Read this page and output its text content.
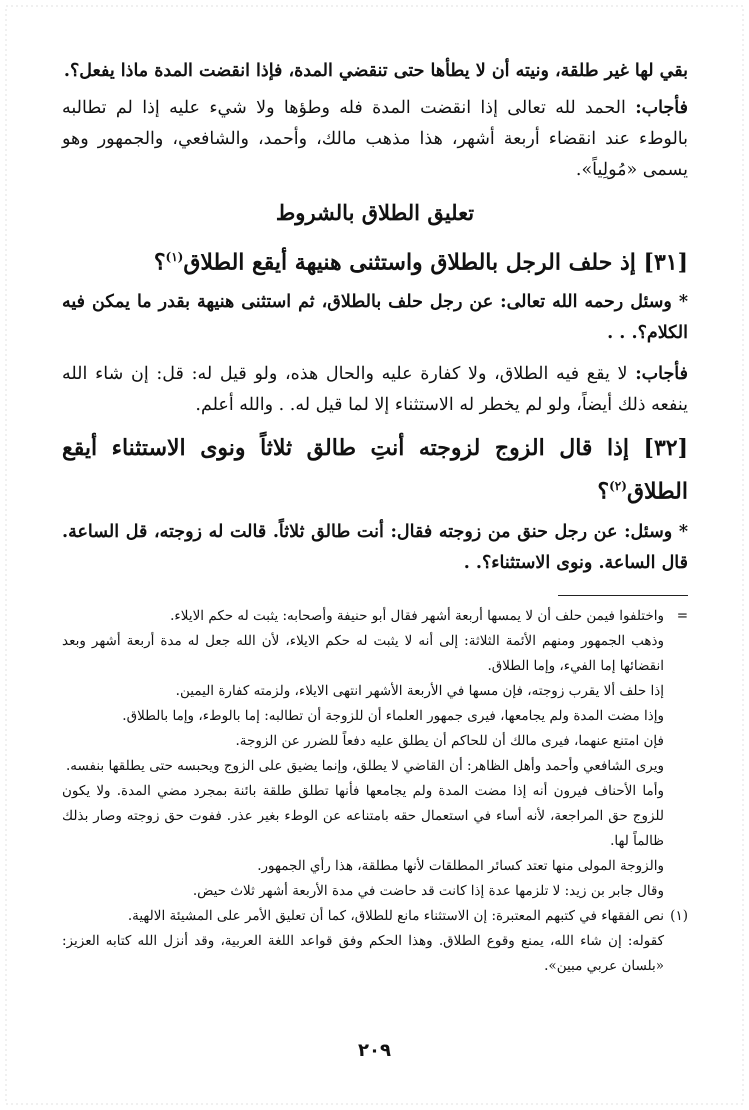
بقي لها غير طلقة، ونيته أن لا يطأها حتى تنقضي المدة، فإذا انقضت المدة ماذا يفعل؟.

فأجاب: الحمد لله تعالى إذا انقضت المدة فله وطؤها ولا شيء عليه إذا لم تطالبه بالوطء عند انقضاء أربعة أشهر، هذا مذهب مالك، وأحمد، والشافعي، والجمهور وهو يسمى «مُولِياً».

تعليق الطلاق بالشروط
[٣١] إذ حلف الرجل بالطلاق واستثنى هنيهة أيقع الطلاق$^{(١)}$؟

* وسئل رحمه الله تعالى: عن رجل حلف بالطلاق، ثم استثنى هنيهة بقدر ما يمكن فيه الكلام؟. . .

فأجاب: لا يقع فيه الطلاق، ولا كفارة عليه والحال هذه، ولو قيل له: قل: إن شاء الله ينفعه ذلك أيضاً، ولو لم يخطر له الاستثناء إلا لما قيل له. . والله أعلم.

[٣٢] إذا قال الزوج لزوجته أنتِ طالق ثلاثاً ونوى الاستثناء أيقع الطلاق$^{(٢)}$؟

* وسئل: عن رجل حنق من زوجته فقال: أنت طالق ثلاثاً. قالت له زوجته، قل الساعة. قال الساعة. ونوى الاستثناء؟. .

=
واختلفوا فيمن حلف أن لا يمسها أربعة أشهر فقال أبو حنيفة وأصحابه: يثبت له حكم الايلاء.
وذهب الجمهور ومنهم الأئمة الثلاثة: إلى أنه لا يثبت له حكم الايلاء، لأن الله جعل له مدة أربعة أشهر وبعد انقضائها إما الفيء، وإما الطلاق.
إذا حلف ألا يقرب زوجته، فإن مسها في الأربعة الأشهر انتهى الايلاء، ولزمته كفارة اليمين.
وإذا مضت المدة ولم يجامعها، فيرى جمهور العلماء أن للزوجة أن تطالبه: إما بالوطء، وإما بالطلاق.
فإن امتنع عنهما، فيرى مالك أن للحاكم أن يطلق عليه دفعاً للضرر عن الزوجة.
ويرى الشافعي وأحمد وأهل الظاهر: أن القاضي لا يطلق، وإنما يضيق على الزوج ويحبسه حتى يطلقها بنفسه.
وأما الأحناف فيرون أنه إذا مضت المدة ولم يجامعها فأنها تطلق طلقة بائنة بمجرد مضي المدة. ولا يكون للزوج حق المراجعة، لأنه أساء في استعمال حقه بامتناعه عن الوطء بغير عذر. ففوت حق زوجته وصار بذلك ظالماً لها.
والزوجة المولى منها تعتد كسائر المطلقات لأنها مطلقة، هذا رأي الجمهور.
وقال جابر بن زيد: لا تلزمها عدة إذا كانت قد حاضت في مدة الأربعة أشهر ثلاث حيض.
(١)
نص الفقهاء في كتبهم المعتبرة: إن الاستثناء مانع للطلاق، كما أن تعليق الأمر على المشيئة الالهية.
كقوله: إن شاء الله، يمنع وقوع الطلاق. وهذا الحكم وفق قواعد اللغة العربية، وقد أنزل الله كتابه العزيز: «بلسان عربي مبين».
٢٠٩
